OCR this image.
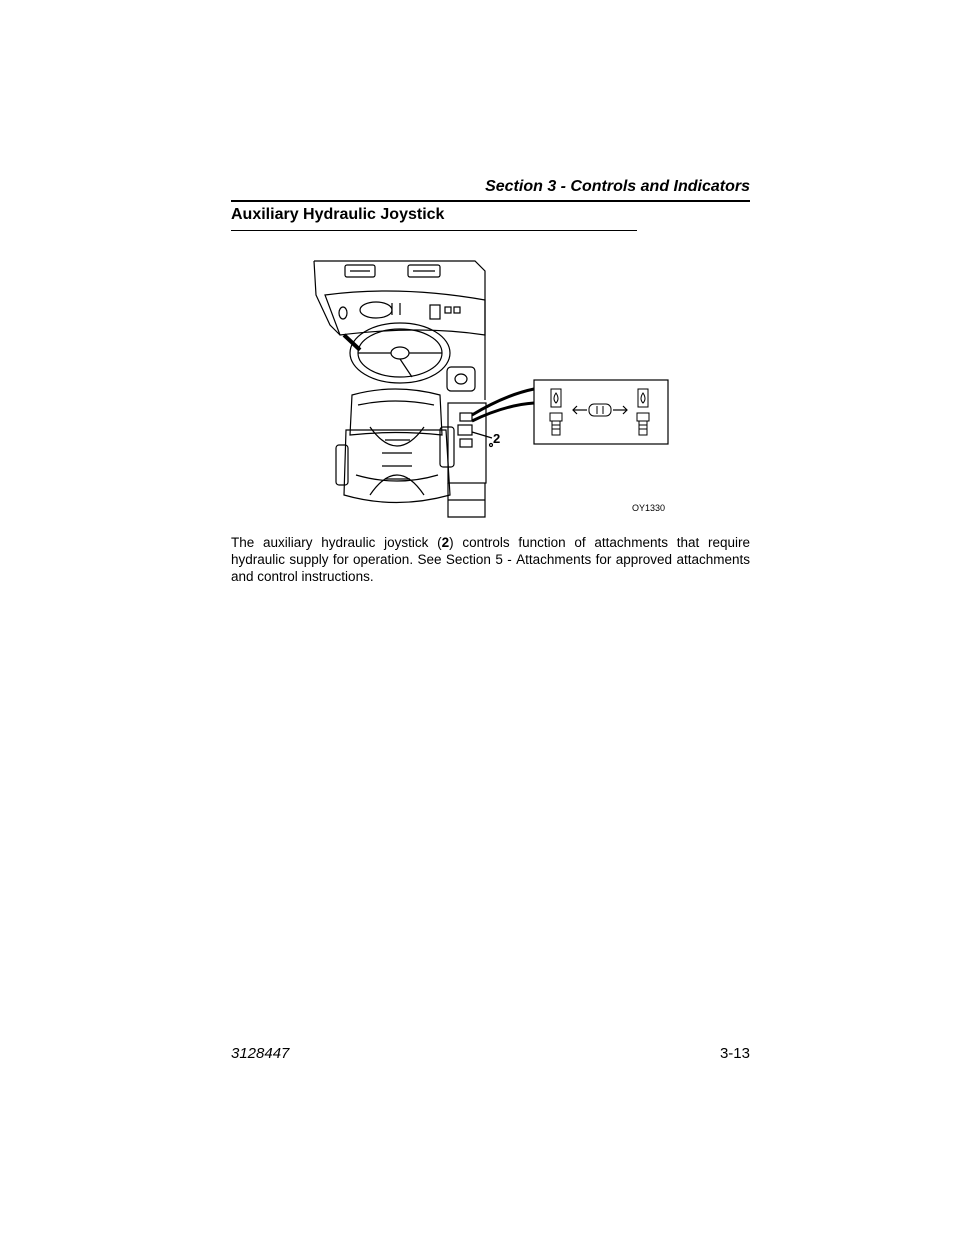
Section 3 - Controls and Indicators
Auxiliary Hydraulic Joystick
2
OY1330

The auxiliary hydraulic joystick (2) controls function of attachments that require hydraulic supply for operation. See Section 5 - Attachments for approved attachments and control instructions.

3128447	3-13
